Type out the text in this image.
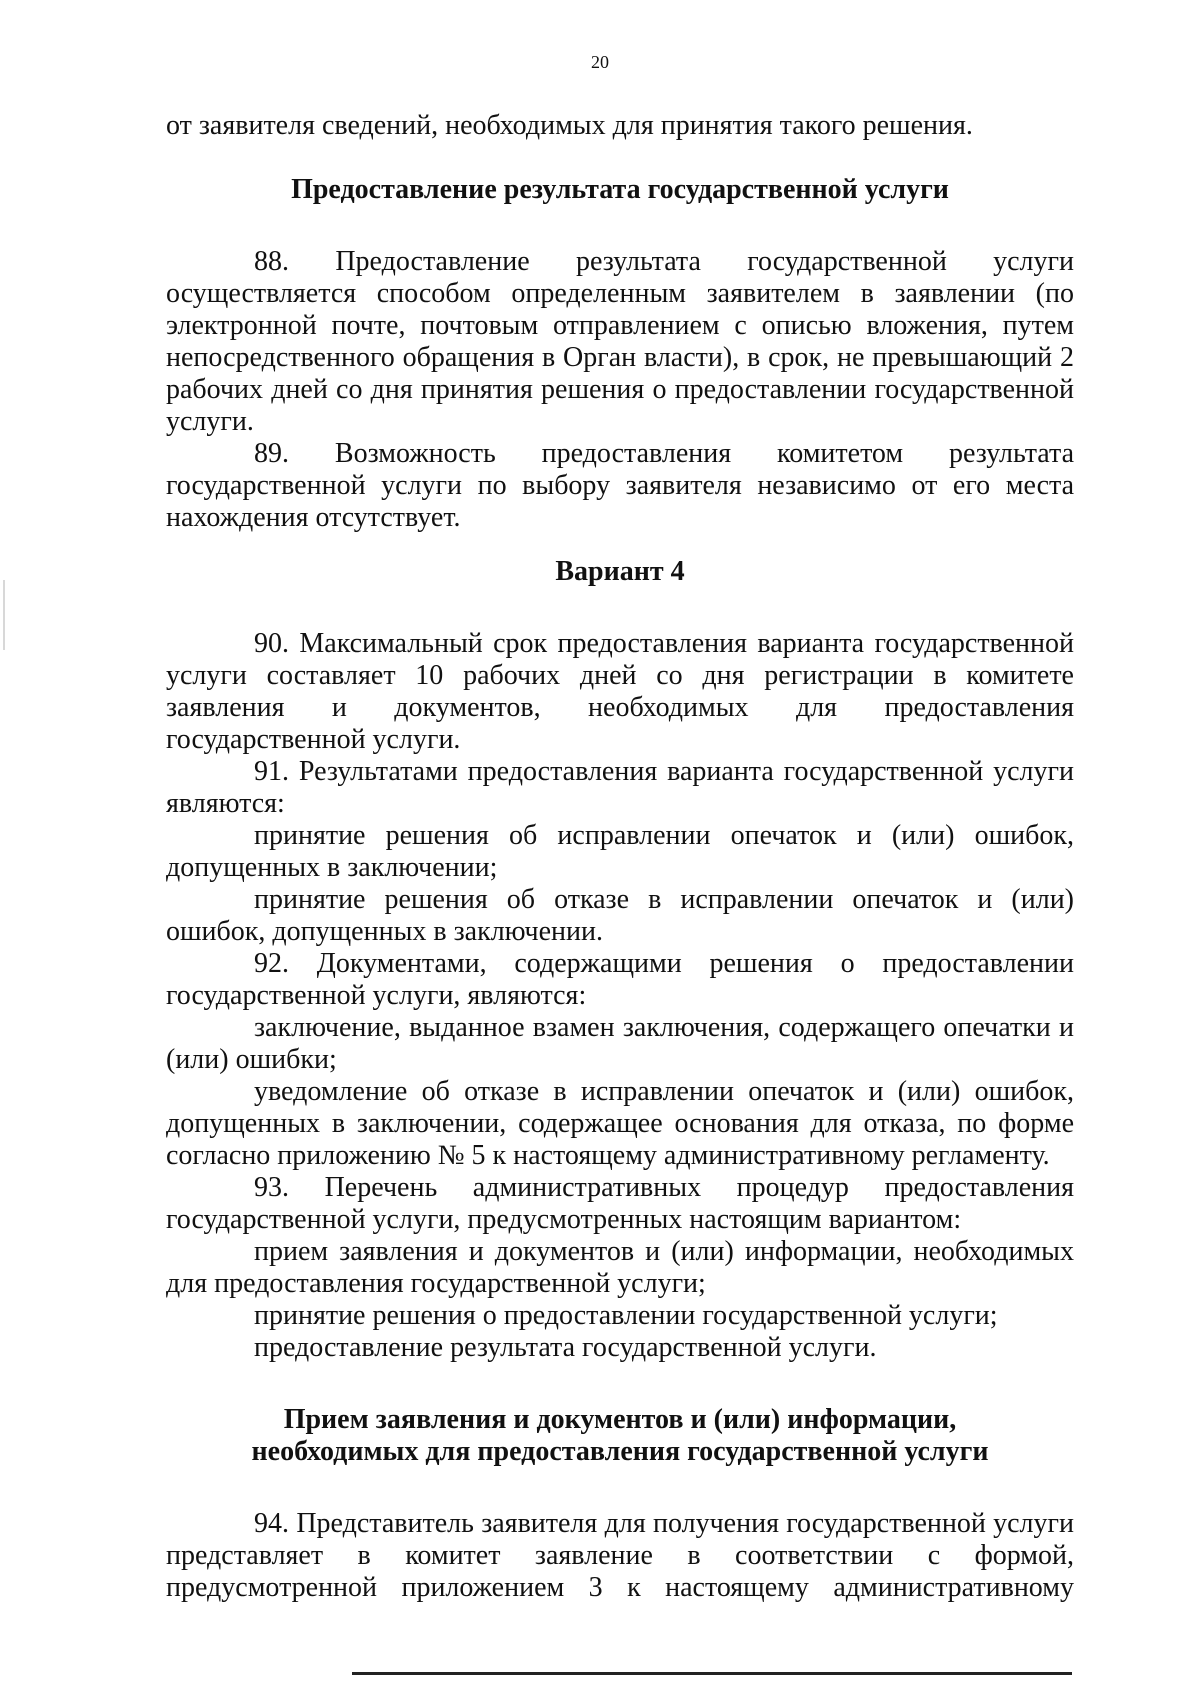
20

от заявителя сведений, необходимых для принятия такого решения.

Предоставление результата государственной услуги

88. Предоставление результата государственной услуги осуществляется способом определенным заявителем в заявлении (по электронной почте, почтовым отправлением с описью вложения, путем непосредственного обращения в Орган власти), в срок, не превышающий 2 рабочих дней со дня принятия решения о предоставлении государственной услуги.

89. Возможность предоставления комитетом результата государственной услуги по выбору заявителя независимо от его места нахождения отсутствует.

Вариант 4

90. Максимальный срок предоставления варианта государственной услуги составляет 10 рабочих дней со дня регистрации в комитете заявления и документов, необходимых для предоставления государственной услуги.

91. Результатами предоставления варианта государственной услуги являются:

принятие решения об исправлении опечаток и (или) ошибок, допущенных в заключении;

принятие решения об отказе в исправлении опечаток и (или) ошибок, допущенных в заключении.

92. Документами, содержащими решения о предоставлении государственной услуги, являются:

заключение, выданное взамен заключения, содержащего опечатки и (или) ошибки;

уведомление об отказе в исправлении опечаток и (или) ошибок, допущенных в заключении, содержащее основания для отказа, по форме согласно приложению № 5 к настоящему административному регламенту.

93. Перечень административных процедур предоставления государственной услуги, предусмотренных настоящим вариантом:

прием заявления и документов и (или) информации, необходимых для предоставления государственной услуги;

принятие решения о предоставлении государственной услуги;

предоставление результата государственной услуги.

Прием заявления и документов и (или) информации,

необходимых для предоставления государственной услуги

94. Представитель заявителя для получения государственной услуги представляет в комитет заявление в соответствии с формой, предусмотренной приложением 3 к настоящему административному
